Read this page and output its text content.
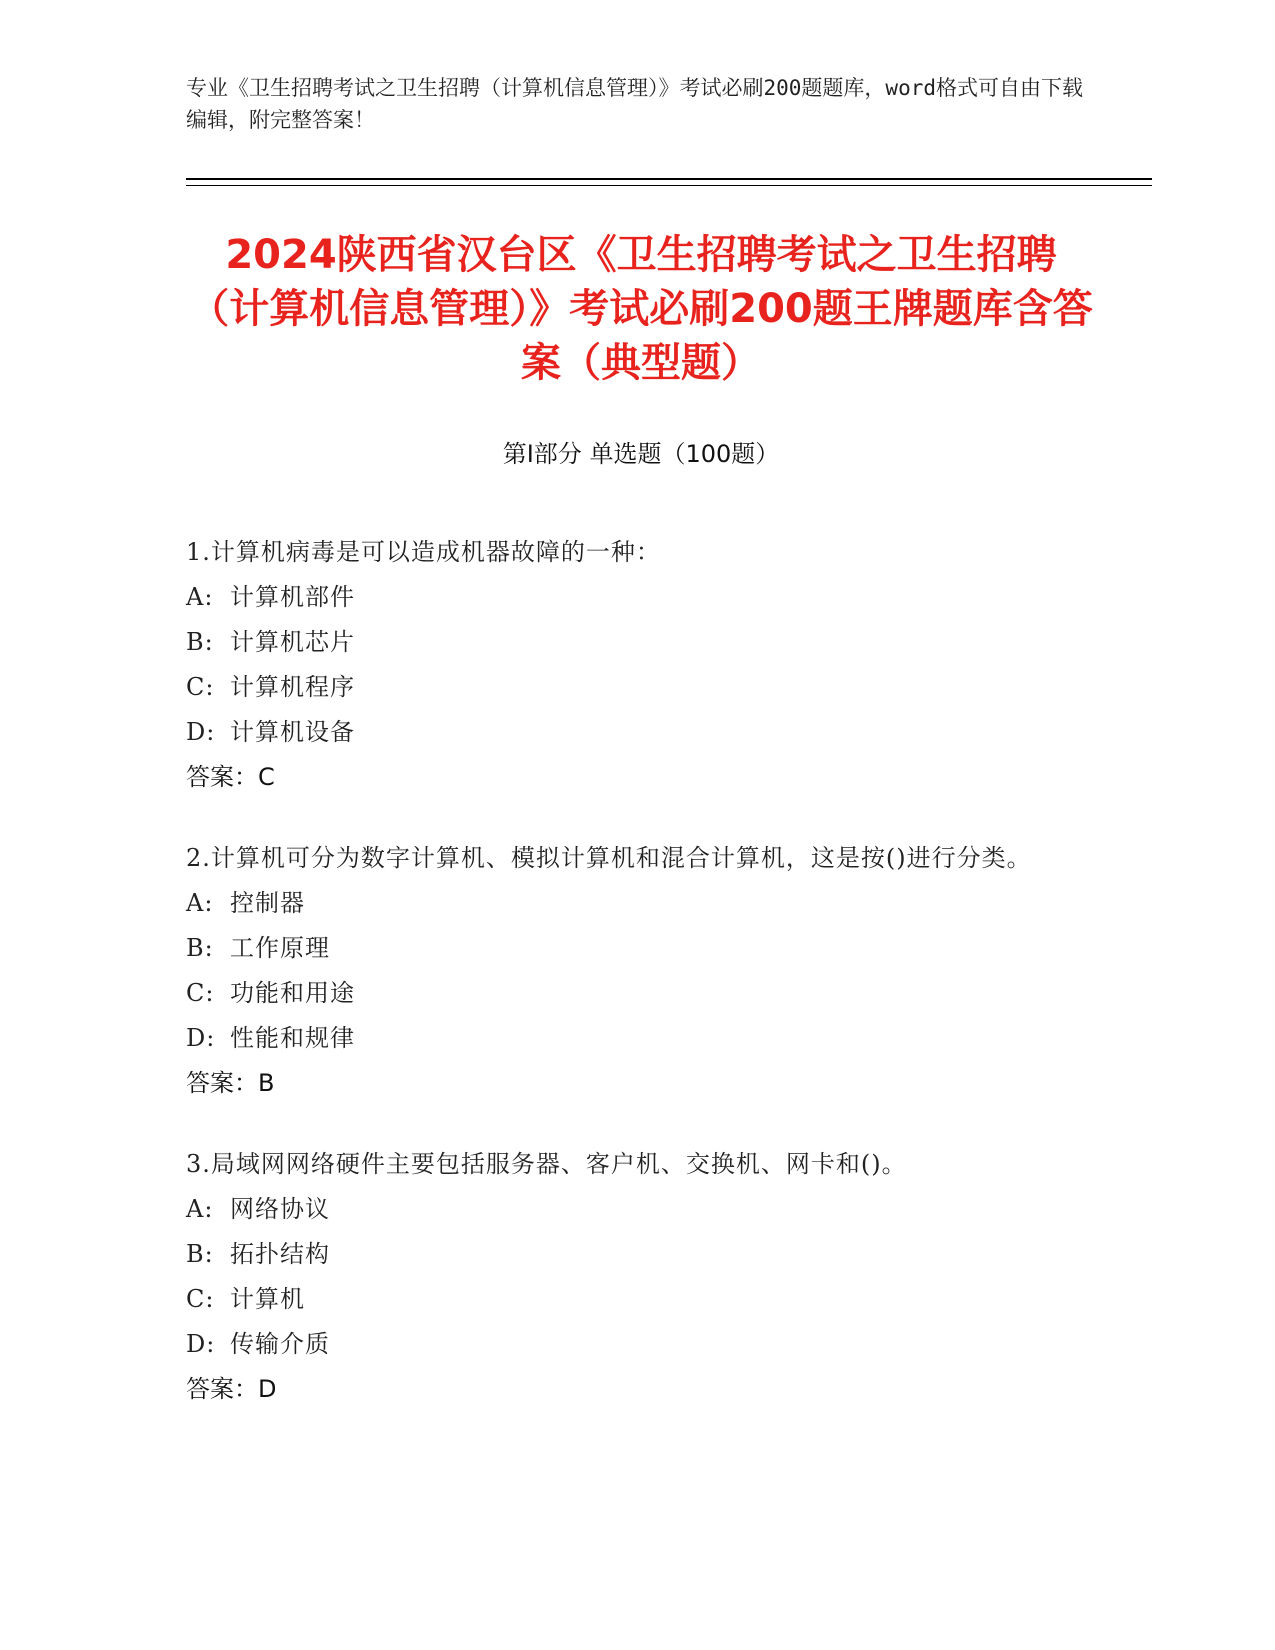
专业《卫生招聘考试之卫生招聘（计算机信息管理）》考试必刷200题题库，word格式可自由下载编辑，附完整答案！
2024陕西省汉台区《卫生招聘考试之卫生招聘（计算机信息管理）》考试必刷200题王牌题库含答案（典型题）
第Ⅰ部分 单选题（100题）
1.计算机病毒是可以造成机器故障的一种：
A: 计算机部件
B: 计算机芯片
C: 计算机程序
D: 计算机设备
答案：C
2.计算机可分为数字计算机、模拟计算机和混合计算机，这是按()进行分类。
A: 控制器
B: 工作原理
C: 功能和用途
D: 性能和规律
答案：B
3.局域网网络硬件主要包括服务器、客户机、交换机、网卡和()。
A: 网络协议
B: 拓扑结构
C: 计算机
D: 传输介质
答案：D
